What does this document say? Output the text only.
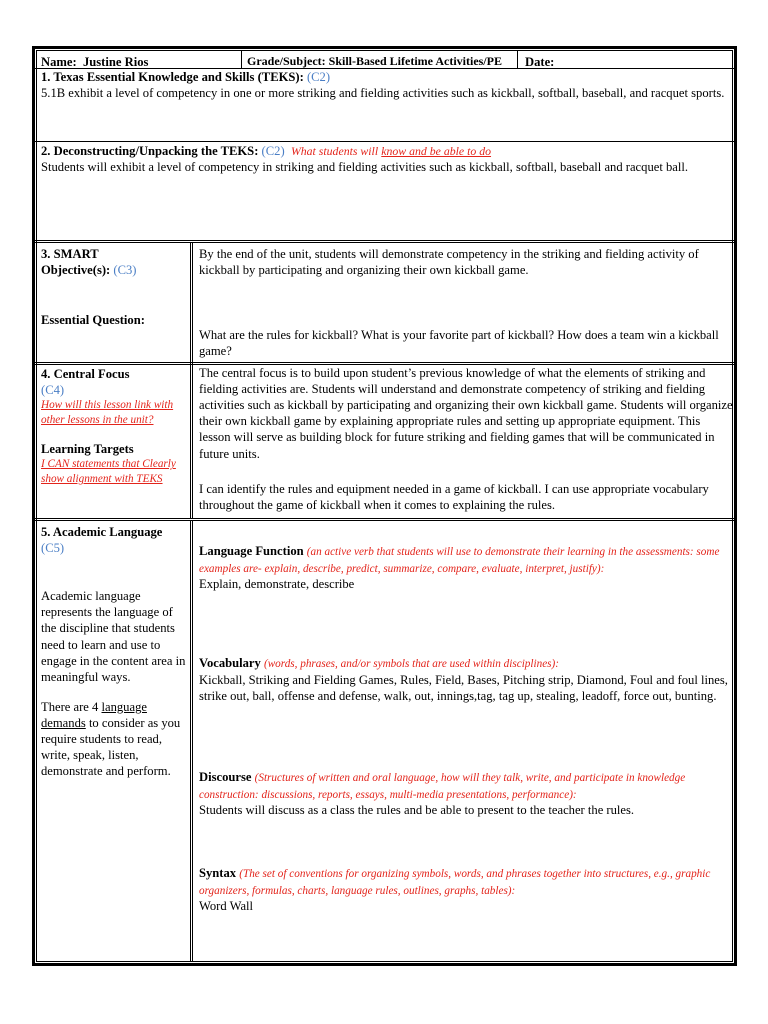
Name: Justine Rios	Grade/Subject: Skill-Based Lifetime Activities/PE	Date:

1. Texas Essential Knowledge and Skills (TEKS): (C2)

5.1B exhibit a level of competency in one or more striking and fielding activities such as kickball, softball, baseball, and racquet sports.

2. Deconstructing/Unpacking the TEKS: (C2) What students will know and be able to do

Students will exhibit a level of competency in striking and fielding activities such as kickball, softball, baseball and racquet ball.

3. SMART

Objective(s): (C3)

Essential Question:
By the end of the unit, students will demonstrate competency in the striking and fielding activity of kickball by participating and organizing their own kickball game.
What are the rules for kickball? What is your favorite part of kickball? How does a team win a kickball game?

4. Central Focus

(C4)

How will this lesson link with other lessons in the unit?

Learning Targets

I CAN statements that Clearly show alignment with TEKS

The central focus is to build upon student’s previous knowledge of what the elements of striking and fielding activities are. Students will understand and demonstrate competency of striking and fielding activities such as kickball by participating and organizing their own kickball game. Students will organize their own kickball game by explaining appropriate rules and setting up appropriate equipment. This lesson will serve as building block for future striking and fielding games that will be communicated in future units.
I can identify the rules and equipment needed in a game of kickball. I can use appropriate vocabulary throughout the game of kickball when it comes to explaining the rules.

5. Academic Language

(C5)

Academic language represents the language of the discipline that students need to learn and use to engage in the content area in meaningful ways.

There are 4 language demands to consider as you require students to read, write, speak, listen, demonstrate and perform.

Language Function (an active verb that students will use to demonstrate their learning in the assessments: some examples are- explain, describe, predict, summarize, compare, evaluate, interpret, justify):

Explain, demonstrate, describe

Vocabulary (words, phrases, and/or symbols that are used within disciplines):

Kickball, Striking and Fielding Games, Rules, Field, Bases, Pitching strip, Diamond, Foul and foul lines, strike out, ball, offense and defense, walk, out, innings,tag, tag up, stealing, leadoff, force out, bunting.

Discourse (Structures of written and oral language, how will they talk, write, and participate in knowledge construction: discussions, reports, essays, multi-media presentations, performance):

Students will discuss as a class the rules and be able to present to the teacher the rules.

Syntax (The set of conventions for organizing symbols, words, and phrases together into structures, e.g., graphic organizers, formulas, charts, language rules, outlines, graphs, tables):

Word Wall
